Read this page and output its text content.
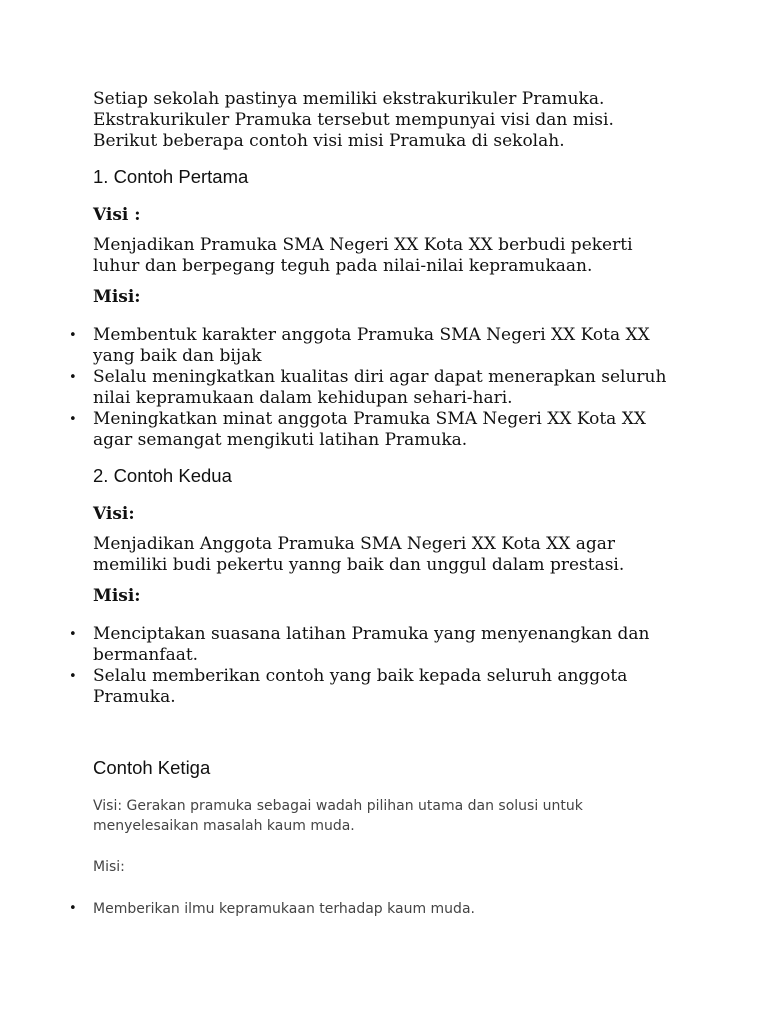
Setiap sekolah pastinya memiliki ekstrakurikuler Pramuka. Ekstrakurikuler Pramuka tersebut mempunyai visi dan misi. Berikut beberapa contoh visi misi Pramuka di sekolah.

1. Contoh Pertama

Visi :

Menjadikan Pramuka SMA Negeri XX Kota XX berbudi pekerti luhur dan berpegang teguh pada nilai-nilai kepramukaan.

Misi:

• Membentuk karakter anggota Pramuka SMA Negeri XX Kota XX yang baik dan bijak
• Selalu meningkatkan kualitas diri agar dapat menerapkan seluruh nilai kepramukaan dalam kehidupan sehari-hari.
• Meningkatkan minat anggota Pramuka SMA Negeri XX Kota XX agar semangat mengikuti latihan Pramuka.
2. Contoh Kedua

Visi:

Menjadikan Anggota Pramuka SMA Negeri XX Kota XX agar memiliki budi pekertu yanng baik dan unggul dalam prestasi.

Misi:

• Menciptakan suasana latihan Pramuka yang menyenangkan dan bermanfaat.
• Selalu memberikan contoh yang baik kepada seluruh anggota Pramuka.
Contoh Ketiga

Visi: Gerakan pramuka sebagai wadah pilihan utama dan solusi untuk menyelesaikan masalah kaum muda.

Misi:

• Memberikan ilmu kepramukaan terhadap kaum muda.
